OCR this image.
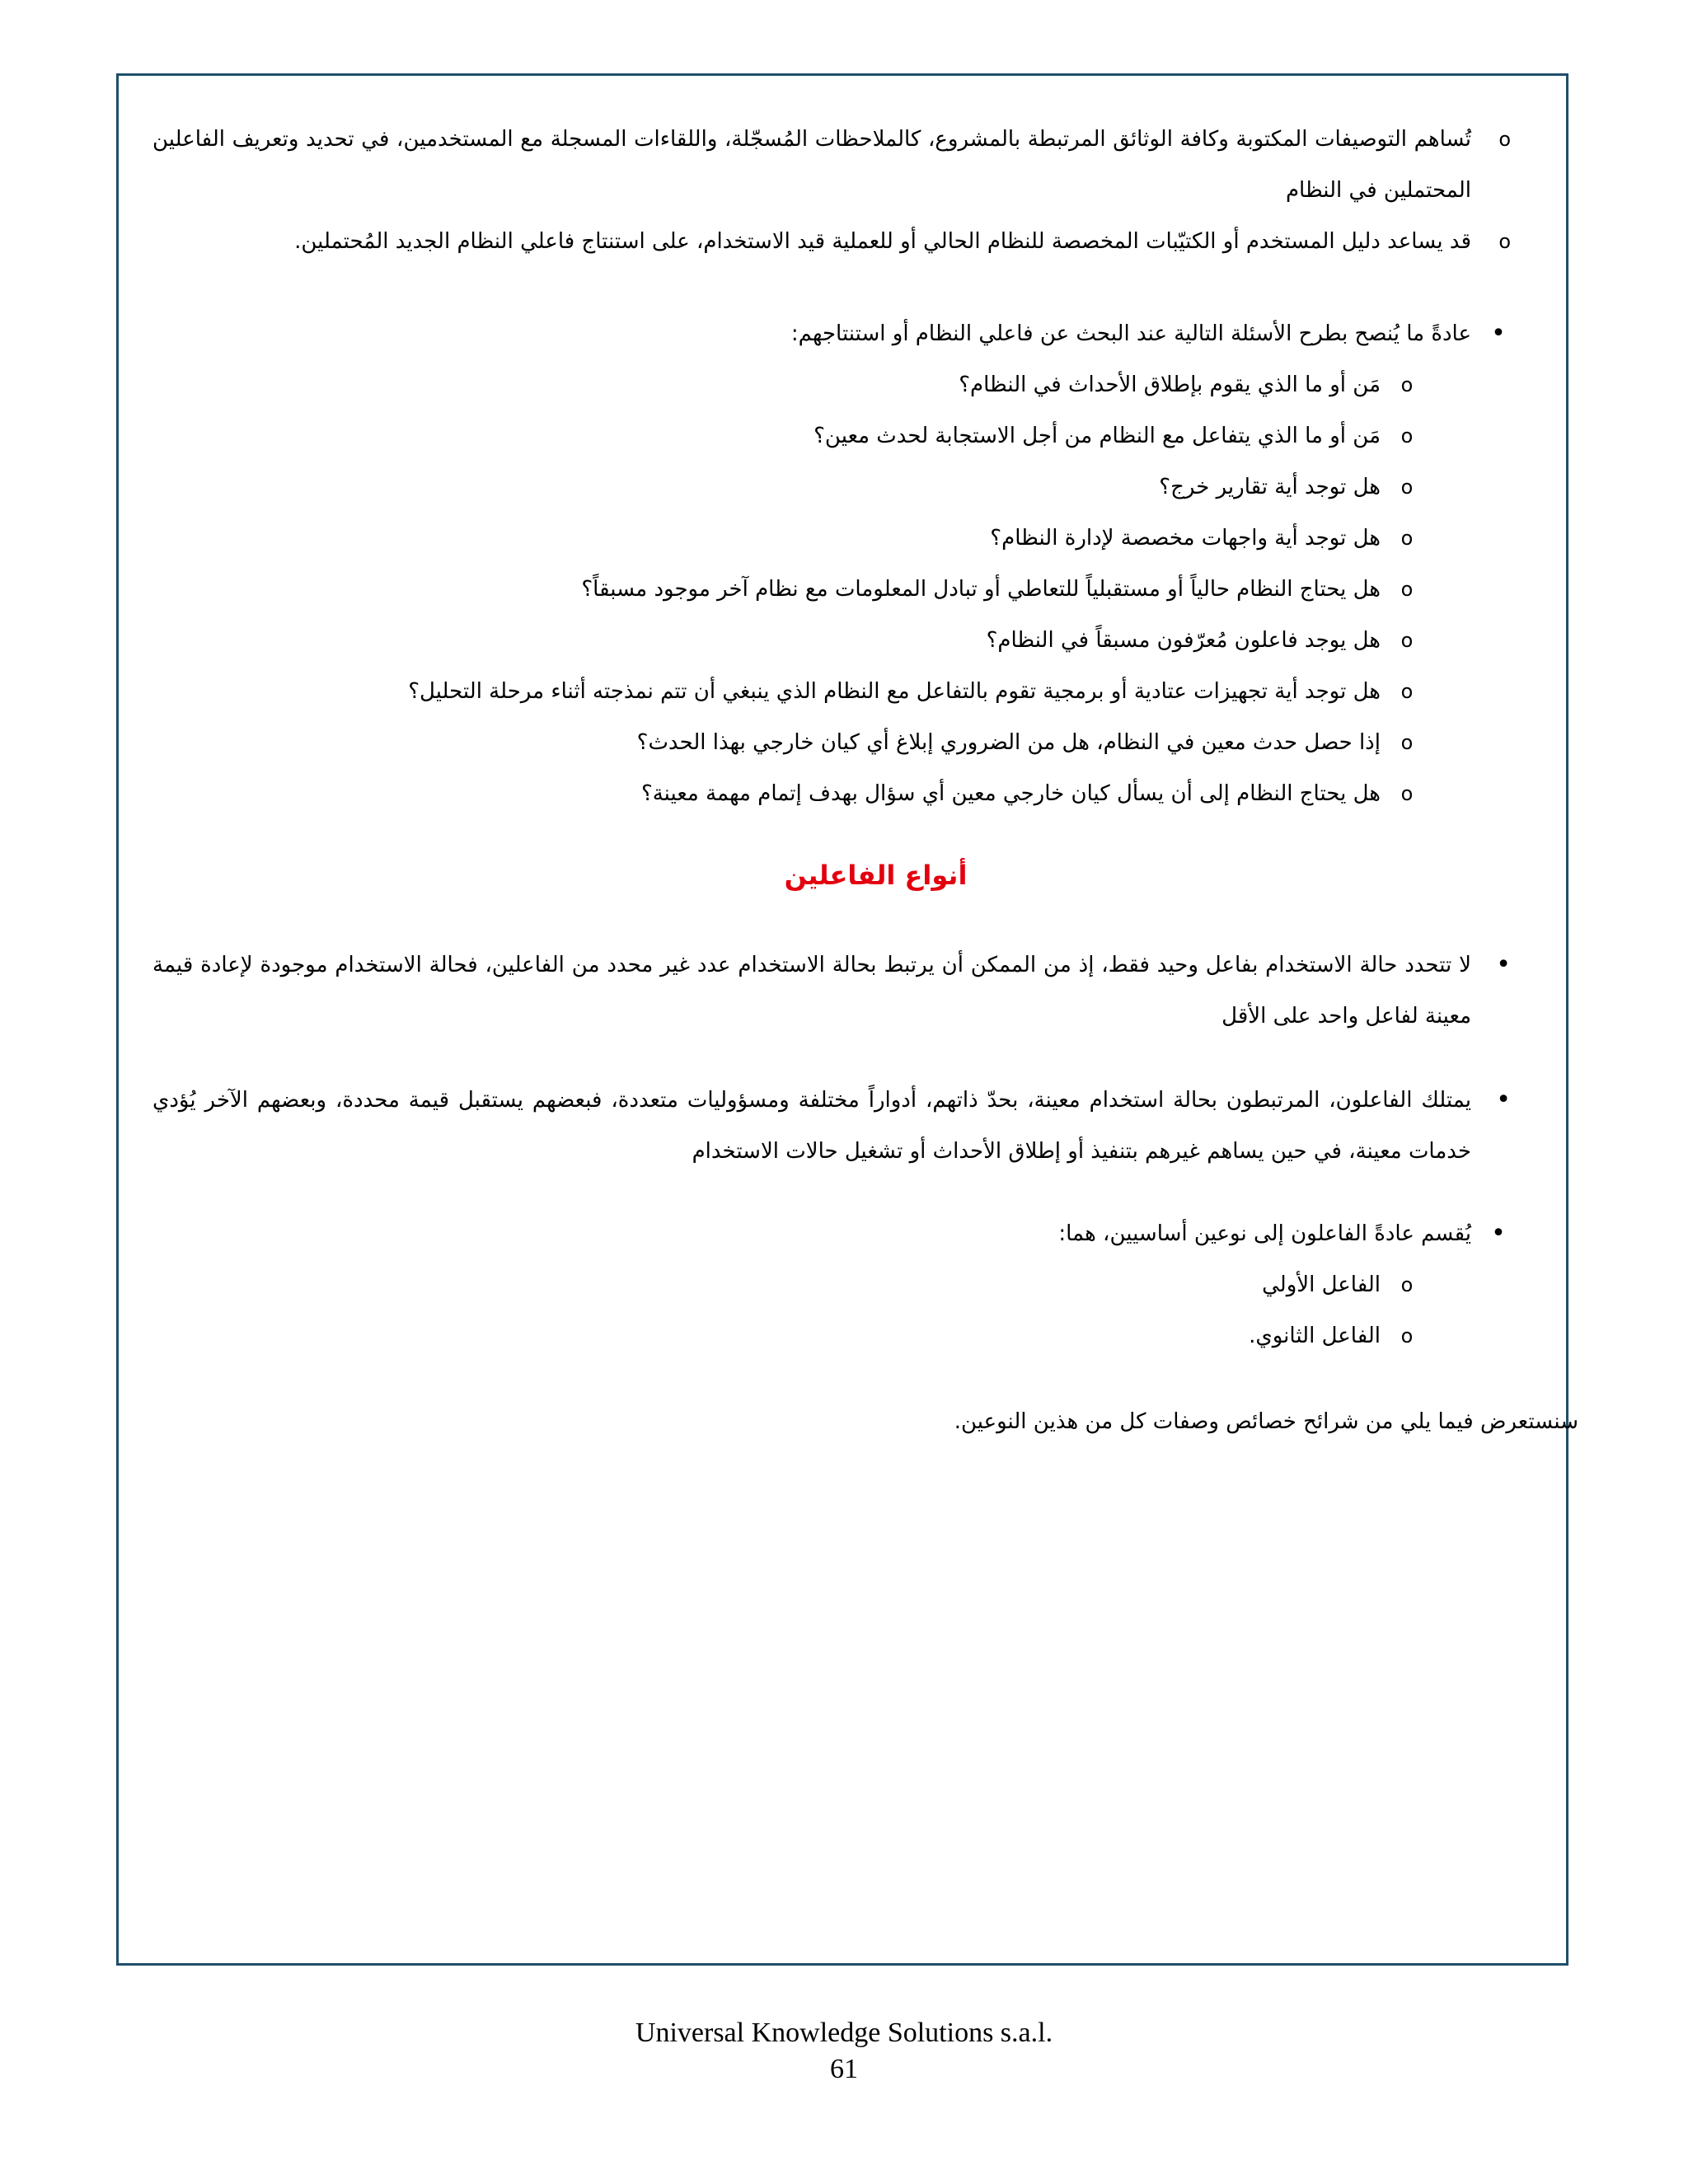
o
تُساهم التوصيفات المكتوبة وكافة الوثائق المرتبطة بالمشروع، كالملاحظات المُسجّلة، واللقاءات المسجلة مع المستخدمين، في تحديد وتعريف الفاعلين المحتملين في النظام
o
قد يساعد دليل المستخدم أو الكتيّبات المخصصة للنظام الحالي أو للعملية قيد الاستخدام، على استنتاج فاعلي النظام الجديد المُحتملين.
•
عادةً ما يُنصح بطرح الأسئلة التالية عند البحث عن فاعلي النظام أو استنتاجهم:
o
مَن أو ما الذي يقوم بإطلاق الأحداث في النظام؟
o
مَن أو ما الذي يتفاعل مع النظام من أجل الاستجابة لحدث معين؟
o
هل توجد أية تقارير خرج؟
o
هل توجد أية واجهات مخصصة لإدارة النظام؟
o
هل يحتاج النظام حالياً أو مستقبلياً للتعاطي أو تبادل المعلومات مع نظام آخر موجود مسبقاً؟
o
هل يوجد فاعلون مُعرّفون مسبقاً في النظام؟
o
هل توجد أية تجهيزات عتادية أو برمجية تقوم بالتفاعل مع النظام الذي ينبغي أن تتم نمذجته أثناء مرحلة التحليل؟
o
إذا حصل حدث معين في النظام، هل من الضروري إبلاغ أي كيان خارجي بهذا الحدث؟
o
هل يحتاج النظام إلى أن يسأل كيان خارجي معين أي سؤال بهدف إتمام مهمة معينة؟
أنواع الفاعلين
•
لا تتحدد حالة الاستخدام بفاعل وحيد فقط، إذ من الممكن أن يرتبط بحالة الاستخدام عدد غير محدد من الفاعلين، فحالة الاستخدام موجودة لإعادة قيمة معينة لفاعل واحد على الأقل
•
يمتلك الفاعلون، المرتبطون بحالة استخدام معينة، بحدّ ذاتهم، أدواراً مختلفة ومسؤوليات متعددة، فبعضهم يستقبل قيمة محددة، وبعضهم الآخر يُؤدي خدمات معينة، في حين يساهم غيرهم بتنفيذ أو إطلاق الأحداث أو تشغيل حالات الاستخدام
•
يُقسم عادةً الفاعلون إلى نوعين أساسيين، هما:
o
الفاعل الأولي
o
الفاعل الثانوي.

سنستعرض فيما يلي من شرائح خصائص وصفات كل من هذين النوعين.

Universal Knowledge Solutions s.a.l.
61
